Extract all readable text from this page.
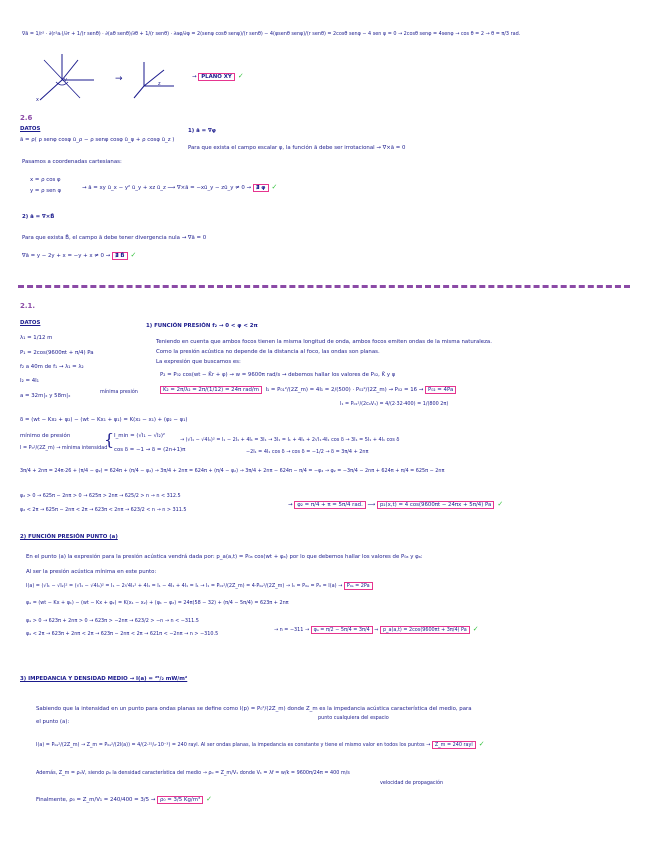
∇ā = 1/r² · ∂(r²aᵣ)/∂r + 1/(r senθ) · ∂(aθ senθ)/∂θ + 1/(r senθ) · ∂aφ/∂φ = 2(senφ cosθ senφ)/(r senθ) − 4(φsenθ senφ)/(r senθ) = 2cosθ senφ − 4 sen φ = 0 → 2cosθ senφ = 4senφ → cos θ = 2 → θ = π/3 rad.
y
x
→	z
→ PLANO XY ✓
2.6
DATOS
ā = ρ( ρ senφ cosφ ū_ρ − ρ senφ cosφ ū_φ + ρ cosφ ū_z )
1) ā = ∇φ
Para que exista el campo escalar φ, la función ā debe ser irrotacional → ∇×ā = 0
Pasamos a coordenadas cartesianas:
x = ρ cos φ
y = ρ sen φ	→ ā = xy ū_x − y² ū_y + xz ū_z ⟶ ∇×ā = −xū_y − zū_y ≠ 0 → ∄ φ ✓
2) ā = ∇×B̄
Para que exista B̄, el campo ā debe tener divergencia nula → ∇ā = 0
∇ā = y − 2y + x = −y + x ≠ 0 → ∄ B̄ ✓
2.1.
DATOS
λ₁ = 1/12 m
P₁ = 2cos(9600πt + π/4) Pa
f₂ a 40m de f₁ → λ₁ = λ₂
I₂ = 4I₁
a = 32m|ₓ y 58m|ₓ
mínima presión
1) FUNCIÓN PRESIÓN f₂ → 0 < φ < 2π
Teniendo en cuenta que ambos focos tienen la misma longitud de onda, ambos focos emiten ondas de la misma naturaleza.
Como la presión acústica no depende de la distancia al foco, las ondas son planas.
La expresión que buscamos es:
P₂ = P₀₂ cos(wt − K̄r + φ) → w = 9600π rad/s → debemos hallar los valores de P₀₂, K̄ y φ
K₂ = 2π/λ₂ = 2π/(1/12) = 24π rad/m I₁ = P₀₁²/(2Z_m) = 4I₁ = 2/(500) · P₀₂²/(2Z_m) → P₀₂ = 16 → P₀₂ = 4Pa
I₁ = P₀₁²/(2c₀V₁) = 4/(2·32·400) = 1/(800 2π)
δ = (wt − Kx₂ + φ₂) − (wt − Kx₁ + φ₁) = K(x₂ − x₁) + (φ₂ − φ₁)
mínimo de presión
I = P₀²/(2Z_m) → mínima intensidad
{ I_min = (√I₁ − √I₂)²
cos δ = −1 → δ = (2n+1)π
→ (√I₁ − √4I₁)² = I₁ − 2I₁ + 4I₁ = 3I₁ → 3I₁ = I₁ + 4I₁ + 2√I₁·4I₁ cos δ → 3I₁ = 5I₁ + 4I₁ cos δ
−2I₁ = 4I₁ cos δ → cos δ = −1/2 → δ = 3π/4 + 2nπ
3π/4 + 2nπ = 24π·26 + (π/4 − φ₂) = 624π + (π/4 − φ₂) → 3π/4 + 2nπ = 624π + (π/4 − φ₂) → 3π/4 + 2nπ − 624π − π/4 = −φ₂ → φ₂ = −3π/4 − 2nπ + 624π + π/4 = 625π − 2nπ
φ₂ > 0 → 625π − 2nπ > 0 → 625π > 2nπ → 625/2 > n → n < 312.5
φ₂ < 2π → 625π − 2nπ < 2π → 623π < 2nπ → 623/2 < n → n > 311.5
→ φ₂ = π/4 + π = 5π/4 rad. ⟶ p₂(x,t) = 4 cos(9600πt − 24πx + 5π/4) Pa ✓
2) FUNCIÓN PRESIÓN PUNTO (a)
En el punto (a) la expresión para la presión acústica vendrá dada por: p_a(a,t) = P₀ₐ cos(wt + φₐ) por lo que debemos hallar los valores de P₀ₐ y φₐ:
Al ser la presión acústica mínima en este punto:
I(a) = (√I₁ − √I₂)² = (√I₁ − √4I₁)² = I₁ − 2√4I₁² + 4I₁ = I₁ − 4I₁ + 4I₁ = I₁ → I₁ = P₀₁²/(2Z_m) = 4·P₀ₐ²/(2Z_m) → I₁ = P₀ₐ = P₀ = I(a) → P₀ₐ = 2Pa
φₐ = (wt − Kx + φ₁) − (wt − Kx + φ₂) = K(x₁ − x₂) + (φ₁ − φ₂) = 24π(58 − 32) + (π/4 − 5π/4) = 623π + 2nπ
φₐ > 0 → 623π + 2nπ > 0 → 623π > −2nπ → 623/2 > −n → n < −311.5
φₐ < 2π → 623π + 2nπ < 2π → 623π − 2nπ < 2π → 621π < −2nπ → n > −310.5
→ n = −311 → φₐ = π/2 − 5π/4 = 3π/4 ⇒ p_a(a,t) = 2cos(9600πt + 3π/4) Pa ✓
3) IMPEDANCIA Y DENSIDAD MEDIO → I(a) = ²⁵/₂ mW/m²
Sabiendo que la intensidad en un punto para ondas planas se define como I(p) = P₀²/(2Z_m) donde Z_m es la impedancia acústica característica del medio, para
punto cualquiera del espacio
el punto (a):
I(a) = P₀ₐ²/(2Z_m) → Z_m = P₀ₐ²/(2I(a)) = 4/(2·²⁵/₂·10⁻³) = 240 rayl. Al ser ondas planas, la impedancia es constante y tiene el mismo valor en todos los puntos → Z_m = 240 rayl ✓
Además, Z_m = ρ₀V, siendo ρ₀ la densidad característica del medio → ρ₀ = Z_m/V₁ donde V₁ = λf = w/k = 9600π/24π = 400 m/s
velocidad de propagación
Finalmente, ρ₀ = Z_m/V₁ = 240/400 = 3/5 → ρ₀ = 3/5 Kg/m³ ✓
